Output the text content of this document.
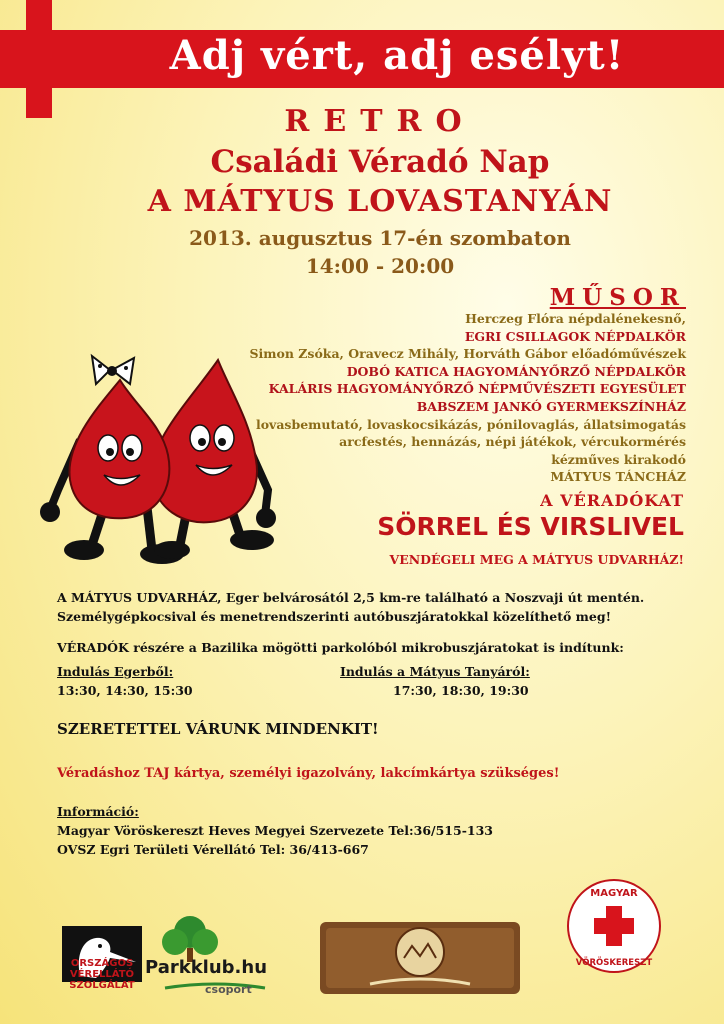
Adj vért, adj esélyt!
RETRO
Családi Véradó Nap
A MÁTYUS LOVASTANYÁN
2013. augusztus 17-én szombaton
14:00 - 20:00
MŰSOR
Herczeg Flóra népdalénekesnő,
EGRI CSILLAGOK NÉPDALKÖR
Simon Zsóka, Oravecz Mihály, Horváth Gábor előadóművészek
DOBÓ KATICA HAGYOMÁNYŐRZŐ NÉPDALKÖR
KALÁRIS HAGYOMÁNYŐRZŐ NÉPMŰVÉSZETI EGYESÜLET
BABSZEM JANKÓ GYERMEKSZÍNHÁZ
lovasbemutató, lovaskocsikázás, pónilovaglás, állatsimogatás
arcfestés, hennázás, népi játékok, vércukormérés
kézműves kirakodó
MÁTYUS TÁNCHÁZ
A VÉRADÓKAT
SÖRREL ÉS VIRSLIVEL
VENDÉGELI MEG A MÁTYUS UDVARHÁZ!

A MÁTYUS UDVARHÁZ, Eger belvárosától 2,5 km-re található a Noszvaji út mentén.

Személygépkocsival és menetrendszerinti autóbuszjáratokkal közelíthető meg!

VÉRADÓK részére a Bazilika mögötti parkolóból mikrobuszjáratokat is indítunk:

Indulás Egerből:
13:30, 14:30, 15:30
Indulás a Mátyus Tanyáról:
17:30, 18:30, 19:30
SZERETETTEL VÁRUNK MINDENKIT!
Véradáshoz TAJ kártya, személyi igazolvány, lakcímkártya szükséges!

Információ:

Magyar Vöröskereszt Heves Megyei Szervezete Tel:36/515-133

OVSZ Egri Területi Vérellátó Tel: 36/413-667

ORSZÁGOS
VÉRELLÁTÓ
SZOLGÁLAT
Parkklub.hu
csoport
MAGYAR
VÖRÖSKERESZT
